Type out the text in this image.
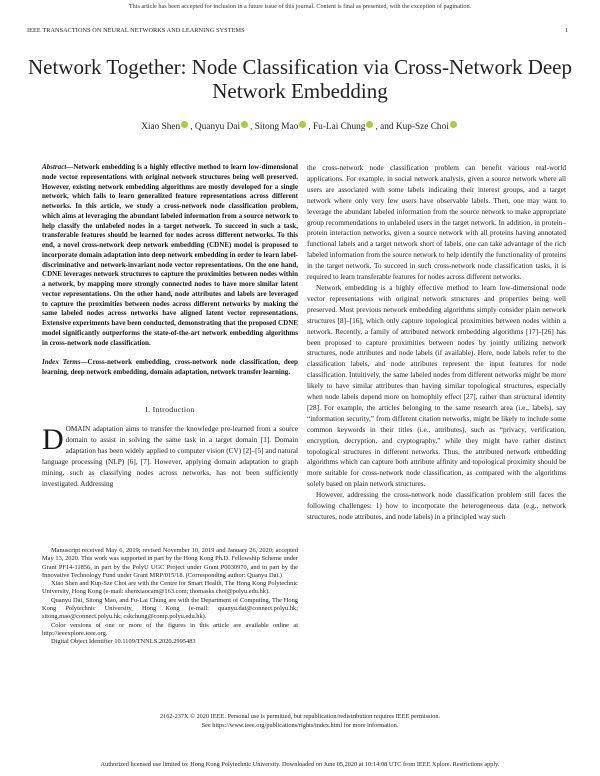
This article has been accepted for inclusion in a future issue of this journal. Content is final as presented, with the exception of pagination.
IEEE TRANSACTIONS ON NEURAL NETWORKS AND LEARNING SYSTEMS	1
Network Together: Node Classification via Cross-Network Deep Network Embedding
Xiao Shen , Quanyu Dai , Sitong Mao , Fu-Lai Chung , and Kup-Sze Choi
Abstract—Network embedding is a highly effective method to learn low-dimensional node vector representations with original network structures being well preserved. However, existing network embedding algorithms are mostly developed for a single network, which fails to learn generalized feature representations across different networks. In this article, we study a cross-network node classification problem, which aims at leveraging the abundant labeled information from a source network to help classify the unlabeled nodes in a target network. To succeed in such a task, transferable features should be learned for nodes across different networks. To this end, a novel cross-network deep network embedding (CDNE) model is proposed to incorporate domain adaptation into deep network embedding in order to learn label-discriminative and network-invariant node vector representations. On the one hand, CDNE leverages network structures to capture the proximities between nodes within a network, by mapping more strongly connected nodes to have more similar latent vector representations. On the other hand, node attributes and labels are leveraged to capture the proximities between nodes across different networks by making the same labeled nodes across networks have aligned latent vector representations. Extensive experiments have been conducted, demonstrating that the proposed CDNE model significantly outperforms the state-of-the-art network embedding algorithms in cross-network node classification.
Index Terms—Cross-network embedding, cross-network node classification, deep learning, deep network embedding, domain adaptation, network transfer learning.
I. Introduction
DOMAIN adaptation aims to transfer the knowledge pre-learned from a source domain to assist in solving the same task in a target domain [1]. Domain adaptation has been widely applied to computer vision (CV) [2]–[5] and natural language processing (NLP) [6], [7]. However, applying domain adaptation to graph mining, such as classifying nodes across networks, has not been sufficiently investigated. Addressing

Manuscript received May 6, 2019; revised November 10, 2019 and January 26, 2020; accepted May 13, 2020. This work was supported in part by the Hong Kong Ph.D. Fellowship Scheme under Grant PF14-11856, in part by the PolyU UGC Project under Grant P0030970, and in part by the Innovative Technology Fund under Grant MRP/015/18. (Corresponding author: Quanyu Dai.)

Xiao Shen and Kup-Sze Choi are with the Centre for Smart Health, The Hong Kong Polytechnic University, Hong Kong (e-mail: shenxiaocam@163.com; thomasks.choi@polyu.edu.hk).

Quanyu Dai, Sitong Mao, and Fu-Lai Chung are with the Department of Computing, The Hong Kong Polytechnic University, Hong Kong (e-mail: quanyu.dai@connect.polyu.hk; sitong.mao@connect.polyu.hk; cskchung@comp.polyu.edu.hk).

Color versions of one or more of the figures in this article are available online at http://ieeexplore.ieee.org.

Digital Object Identifier 10.1109/TNNLS.2020.2995483

the cross-network node classification problem can benefit various real-world applications. For example, in social network analysis, given a source network where all users are associated with some labels indicating their interest groups, and a target network where only very few users have observable labels. Then, one may want to leverage the abundant labeled information from the source network to make appropriate group recommendations to unlabeled users in the target network. In addition, in protein–protein interaction networks, given a source network with all proteins having annotated functional labels and a target network short of labels, one can take advantage of the rich labeled information from the source network to help identify the functionality of proteins in the target network. To succeed in such cross-network node classification tasks, it is required to learn transferable features for nodes across different networks.

Network embedding is a highly effective method to learn low-dimensional node vector representations with original network structures and properties being well preserved. Most previous network embedding algorithms simply consider plain network structures [8]–[16], which only capture topological proximities between nodes within a network. Recently, a family of attributed network embedding algorithms [17]–[26] has been proposed to capture proximities between nodes by jointly utilizing network structures, node attributes and node labels (if available). Here, node labels refer to the classification labels, and node attributes represent the input features for node classification. Intuitively, the same labeled nodes from different networks might be more likely to have similar attributes than having similar topological structures, especially when node labels depend more on homophily effect [27], rather than structural identity [28]. For example, the articles belonging to the same research area (i.e., labels), say “information security,” from different citation networks, might be likely to include some common keywords in their titles (i.e., attributes), such as “privacy, verification, encryption, decryption, and cryptography,” while they might have rather distinct topological structures in different networks. Thus, the attributed network embedding algorithms which can capture both attribute affinity and topological proximity should be more suitable for cross-network node classification, as compared with the algorithms solely based on plain network structures.

However, addressing the cross-network node classification problem still faces the following challenges: 1) how to incorporate the heterogeneous data (e.g., network structures, node attributes, and node labels) in a principled way such

2162-237X © 2020 IEEE. Personal use is permitted, but republication/redistribution requires IEEE permission.
See https://www.ieee.org/publications/rights/index.html for more information.
Authorized licensed use limited to: Hong Kong Polytechnic University. Downloaded on June 05,2020 at 10:14:08 UTC from IEEE Xplore. Restrictions apply.
